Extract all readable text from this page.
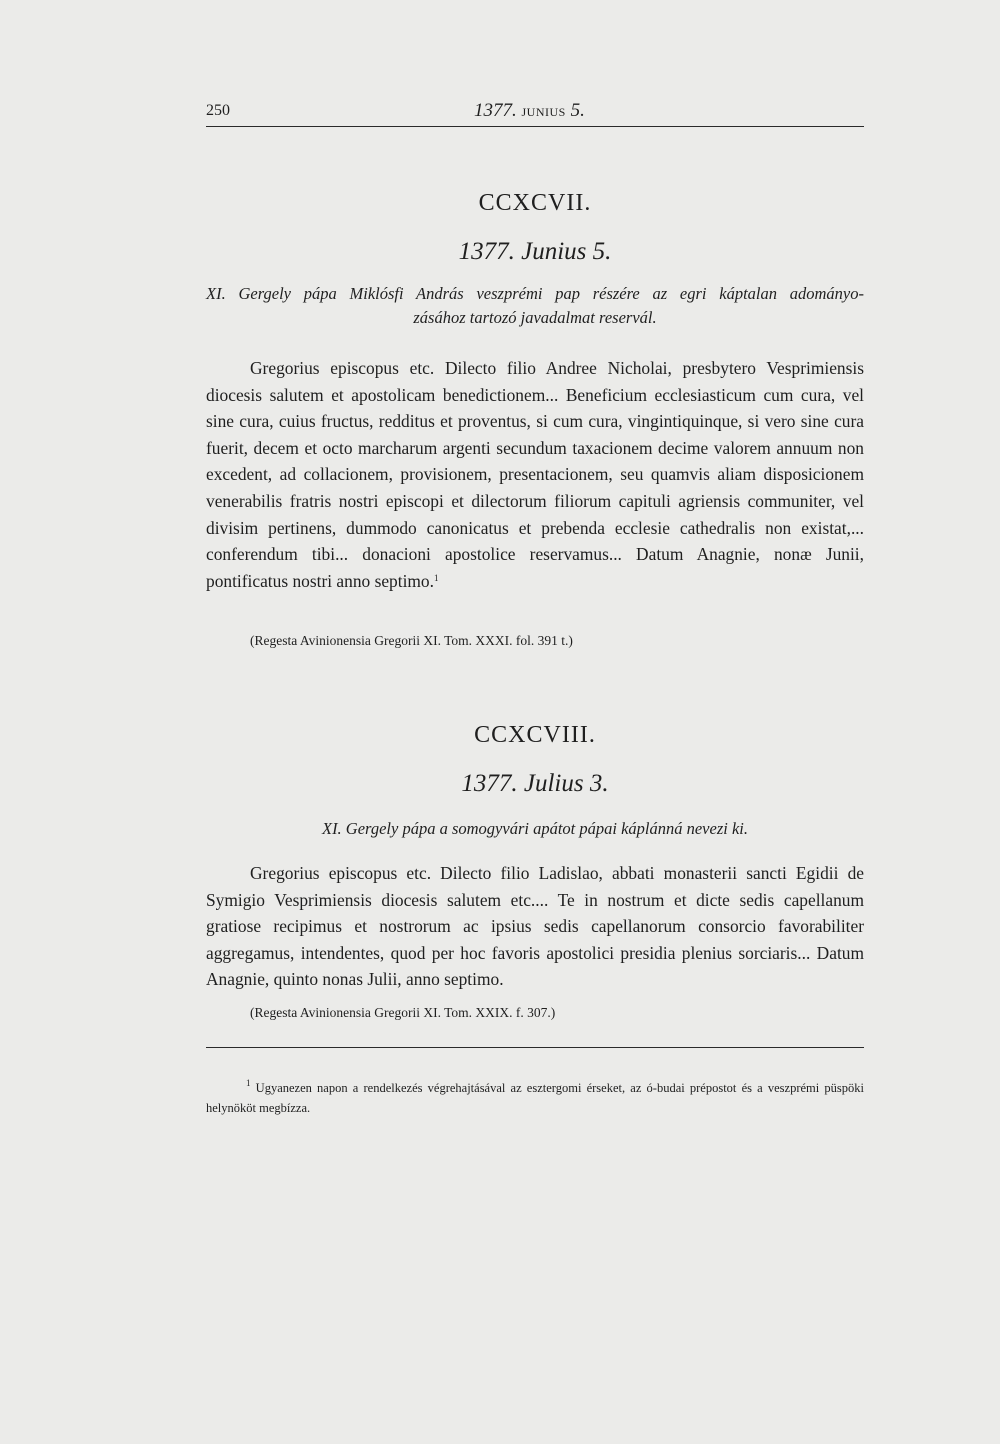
250	1377. JUNIUS 5.
CCXCVII.
1377. Junius 5.
XI. Gergely pápa Miklósfi András veszprémi pap részére az egri káptalan adományo-
zásához tartozó javadalmat reservál.

Gregorius episcopus etc. Dilecto filio Andree Nicholai, presbytero Vesprimiensis diocesis salutem et apostolicam benedictionem... Beneficium ecclesiasticum cum cura, vel sine cura, cuius fructus, redditus et proventus, si cum cura, vingintiquinque, si vero sine cura fuerit, decem et octo marcharum argenti secundum taxacionem decime valorem annuum non excedent, ad collacionem, provisionem, presentacionem, seu quamvis aliam disposicionem venerabilis fratris nostri episcopi et dilectorum filiorum capituli agriensis communiter, vel divisim pertinens, dummodo canonicatus et prebenda ecclesie cathedralis non existat,... conferendum tibi... donacioni apostolice reservamus... Datum Anagnie, nonæ Junii, pontificatus nostri anno septimo.$^1$

(Regesta Avinionensia Gregorii XI. Tom. XXXI. fol. 391 t.)
CCXCVIII.
1377. Julius 3.
XI. Gergely pápa a somogyvári apátot pápai káplánná nevezi ki.

Gregorius episcopus etc. Dilecto filio Ladislao, abbati monasterii sancti Egidii de Symigio Vesprimiensis diocesis salutem etc.... Te in nostrum et dicte sedis capellanum gratiose recipimus et nostrorum ac ipsius sedis capellanorum consorcio favorabiliter aggregamus, intendentes, quod per hoc favoris apostolici presidia plenius sorciaris... Datum Anagnie, quinto nonas Julii, anno septimo.

(Regesta Avinionensia Gregorii XI. Tom. XXIX. f. 307.)

$^1$ Ugyanezen napon a rendelkezés végrehajtásával az esztergomi érseket, az ó-budai prépostot és a veszprémi püspöki helynököt megbízza.
